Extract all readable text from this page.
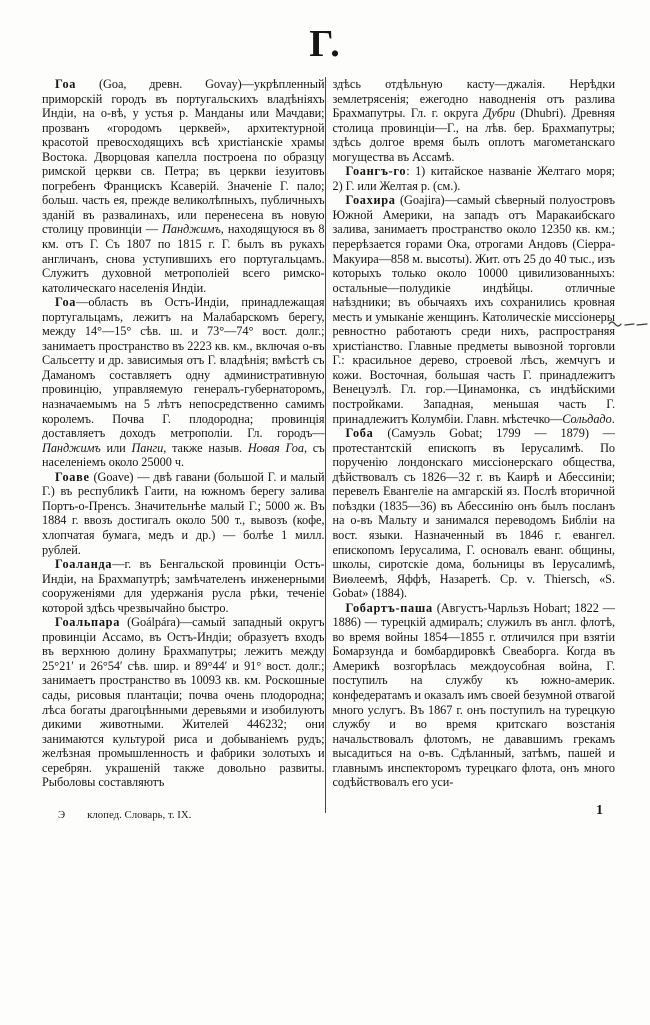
Г.

Гоа (Goa, древн. Govay)—укрѣпленный приморскій городъ въ португальскихъ владѣніяхъ Индіи, на о-вѣ, у устья р. Манданы или Мачдави; прозванъ «городомъ церквей», архитектурной красотой превосходящихъ всѣ христіанскіе храмы Востока. Дворцовая капелла построена по образцу римской церкви св. Петра; въ церкви іезуитовъ погребенъ Францискъ Ксаверій. Значеніе Г. пало; больш. часть ея, прежде великолѣпныхъ, публичныхъ зданій въ развалинахъ, или перенесена въ новую столицу провинціи — Панджимъ, находящуюся въ 8 км. отъ Г. Съ 1807 по 1815 г. Г. былъ въ рукахъ англичанъ, снова уступившихъ его португальцамъ. Служитъ духовной метрополіей всего римско-католическаго населенія Индіи.

Гоа—область въ Остъ-Индіи, принадлежащая португальцамъ, лежитъ на Малабарскомъ берегу, между 14°—15° сѣв. ш. и 73°—74° вост. долг.; занимаетъ пространство въ 2223 кв. км., включая о-въ Сальсетту и др. зависимыя отъ Г. владѣнія; вмѣстѣ съ Даманомъ составляетъ одну административную провинцію, управляемую генералъ-губернаторомъ, назначаемымъ на 5 лѣтъ непосредственно самимъ королемъ. Почва Г. плодородна; провинція доставляетъ доходъ метрополіи. Гл. городъ—Панджимъ или Панги, также назыв. Новая Гоа, съ населеніемъ около 25000 ч.

Гоаве (Goave) — двѣ гавани (большой Г. и малый Г.) въ республикѣ Гаити, на южномъ берегу залива Портъ-о-Пренсъ. Значительнѣе малый Г.; 5000 ж. Въ 1884 г. ввозъ достигалъ около 500 т., вывозъ (кофе, хлопчатая бумага, медъ и др.) — болѣе 1 милл. рублей.

Гоаланда—г. въ Бенгальской провинціи Остъ-Индіи, на Брахмапутрѣ; замѣчателенъ инженерными сооруженіями для удержанія русла рѣки, теченіе которой здѣсь чрезвычайно быстро.

Гоальпара (Goálpára)—самый западный округъ провинціи Ассамо, въ Остъ-Индіи; образуетъ входъ въ верхнюю долину Брахмапутры; лежитъ между 25°21′ и 26°54′ сѣв. шир. и 89°44′ и 91° вост. долг.; занимаетъ пространство въ 10093 кв. км. Роскошные сады, рисовыя плантаціи; почва очень плодородна; лѣса богаты драгоцѣнными деревьями и изобилуютъ дикими животными. Жителей 446232; они занимаются культурой риса и добываніемъ рудъ; желѣзная промышленность и фабрики золотыхъ и серебрян. украшеній также довольно развиты. Рыболовы составляютъ

здѣсь отдѣльную касту—джалія. Нерѣдки землетрясенія; ежегодно наводненія отъ разлива Брахмапутры. Гл. г. округа Дубри (Dhubri). Древняя столица провинціи—Г., на лѣв. бер. Брахмапутры; здѣсь долгое время былъ оплотъ магометанскаго могущества въ Ассамѣ.

Гоангъ-го: 1) китайское названіе Желтаго моря; 2) Г. или Желтая р. (см.).

Гоахира (Goajira)—самый сѣверный полуостровъ Южной Америки, на западъ отъ Маракаибскаго залива, занимаетъ пространство около 12350 кв. км.; перерѣзается горами Ока, отрогами Андовъ (Сіерра-Макуира—858 м. высоты). Жит. отъ 25 до 40 тыс., изъ которыхъ только около 10000 цивилизованныхъ: остальные—полудикіе индѣйцы. отличные наѣздники; въ обычаяхъ ихъ сохранились кровная месть и умыканіе женщинъ. Католическіе миссіонеры ревностно работаютъ среди нихъ, распространяя христіанство. Главные предметы вывозной торговли Г.: красильное дерево, строевой лѣсъ, жемчугъ и кожи. Восточная, большая часть Г. принадлежитъ Венецуэлѣ. Гл. гор.—Цинамонка, съ индѣйскими постройками. Западная, меньшая часть Г. принадлежитъ Колумбіи. Главн. мѣстечко—Сольдадо.

Гоба (Самуэль Gobat; 1799 — 1879) — протестантскій епископъ въ Іерусалимѣ. По порученію лондонскаго миссіонерскаго общества, дѣйствовалъ съ 1826—32 г. въ Каирѣ и Абессиніи; перевелъ Евангеліе на амгарскій яз. Послѣ вторичной поѣздки (1835—36) въ Абессинію онъ былъ посланъ на о-въ Мальту и занимался переводомъ Библіи на вост. языки. Назначенный въ 1846 г. евангел. епископомъ Іерусалима, Г. основалъ еванг. общины, школы, сиротскіе дома, больницы въ Іерусалимѣ, Виѳлеемѣ, Яффѣ, Назаретѣ. Ср. v. Thiersch, «S. Gobat» (1884).

Гобартъ-паша (Августъ-Чарльзъ Hobart; 1822 — 1886) — турецкій адмиралъ; служилъ въ англ. флотѣ, во время войны 1854—1855 г. отличился при взятіи Бомарзунда и бомбардировкѣ Свеаборга. Когда въ Америкѣ возгорѣлась междоусобная война, Г. поступилъ на службу къ южно-америк. конфедератамъ и оказалъ имъ своей безумной отвагой много услугъ. Въ 1867 г. онъ поступилъ на турецкую службу и во время критскаго возстанія начальствовалъ флотомъ, не дававшимъ грекамъ высадиться на о-въ. Сдѣланный, затѣмъ, пашей и главнымъ инспекторомъ турецкаго флота, онъ много содѣйствовалъ его уси-

Э клопед. Словарь, т. IX.	1
